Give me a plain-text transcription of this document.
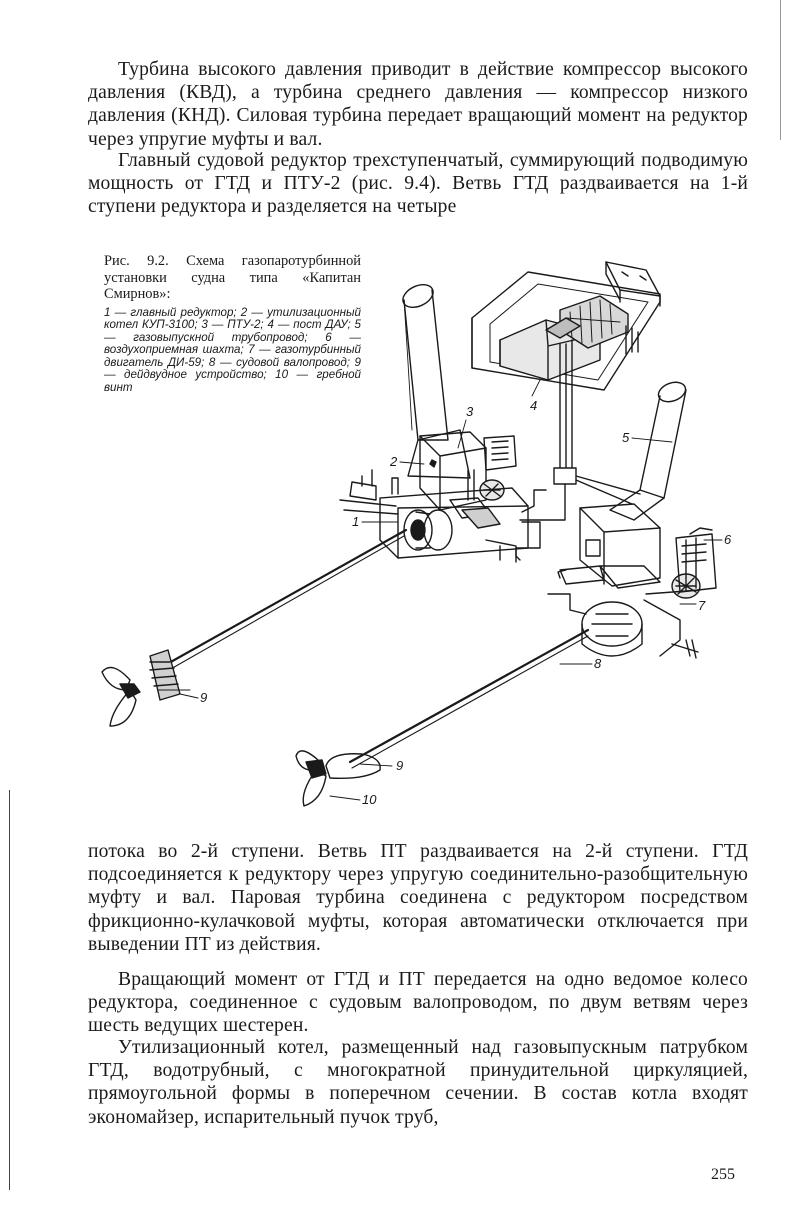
Турбина высокого давления приводит в действие компрессор высокого давления (КВД), а турбина среднего давления — компрессор низкого давления (КНД). Силовая турбина передает вращающий момент на редуктор через упругие муфты и вал.

Главный судовой редуктор трехступенчатый, суммирующий подводимую мощность от ГТД и ПТУ-2 (рис. 9.4). Ветвь ГТД раздваивается на 1-й ступени редуктора и разделяется на четыре

Рис. 9.2. Схема газопаротурбинной установки судна типа «Капитан Смирнов»:

1 — главный редуктор; 2 — утилизационный котел КУП-3100; 3 — ПТУ-2; 4 — пост ДАУ; 5 — газовыпускной трубопровод; 6 — воздухоприемная шахта; 7 — газотурбинный двигатель ДИ-59; 8 — судовой валопровод; 9 — дейдвудное устройство; 10 — гребной винт

1
2
3	4
5
6
7
8
9
9
10

потока во 2-й ступени. Ветвь ПТ раздваивается на 2-й ступени. ГТД подсоединяется к редуктору через упругую соединительно-разобщительную муфту и вал. Паровая турбина соединена с редуктором посредством фрикционно-кулачковой муфты, которая автоматически отключается при выведении ПТ из действия.

Вращающий момент от ГТД и ПТ передается на одно ведомое колесо редуктора, соединенное с судовым валопроводом, по двум ветвям через шесть ведущих шестерен.

Утилизационный котел, размещенный над газовыпускным патрубком ГТД, водотрубный, с многократной принудительной циркуляцией, прямоугольной формы в поперечном сечении. В состав котла входят экономайзер, испарительный пучок труб,

255
